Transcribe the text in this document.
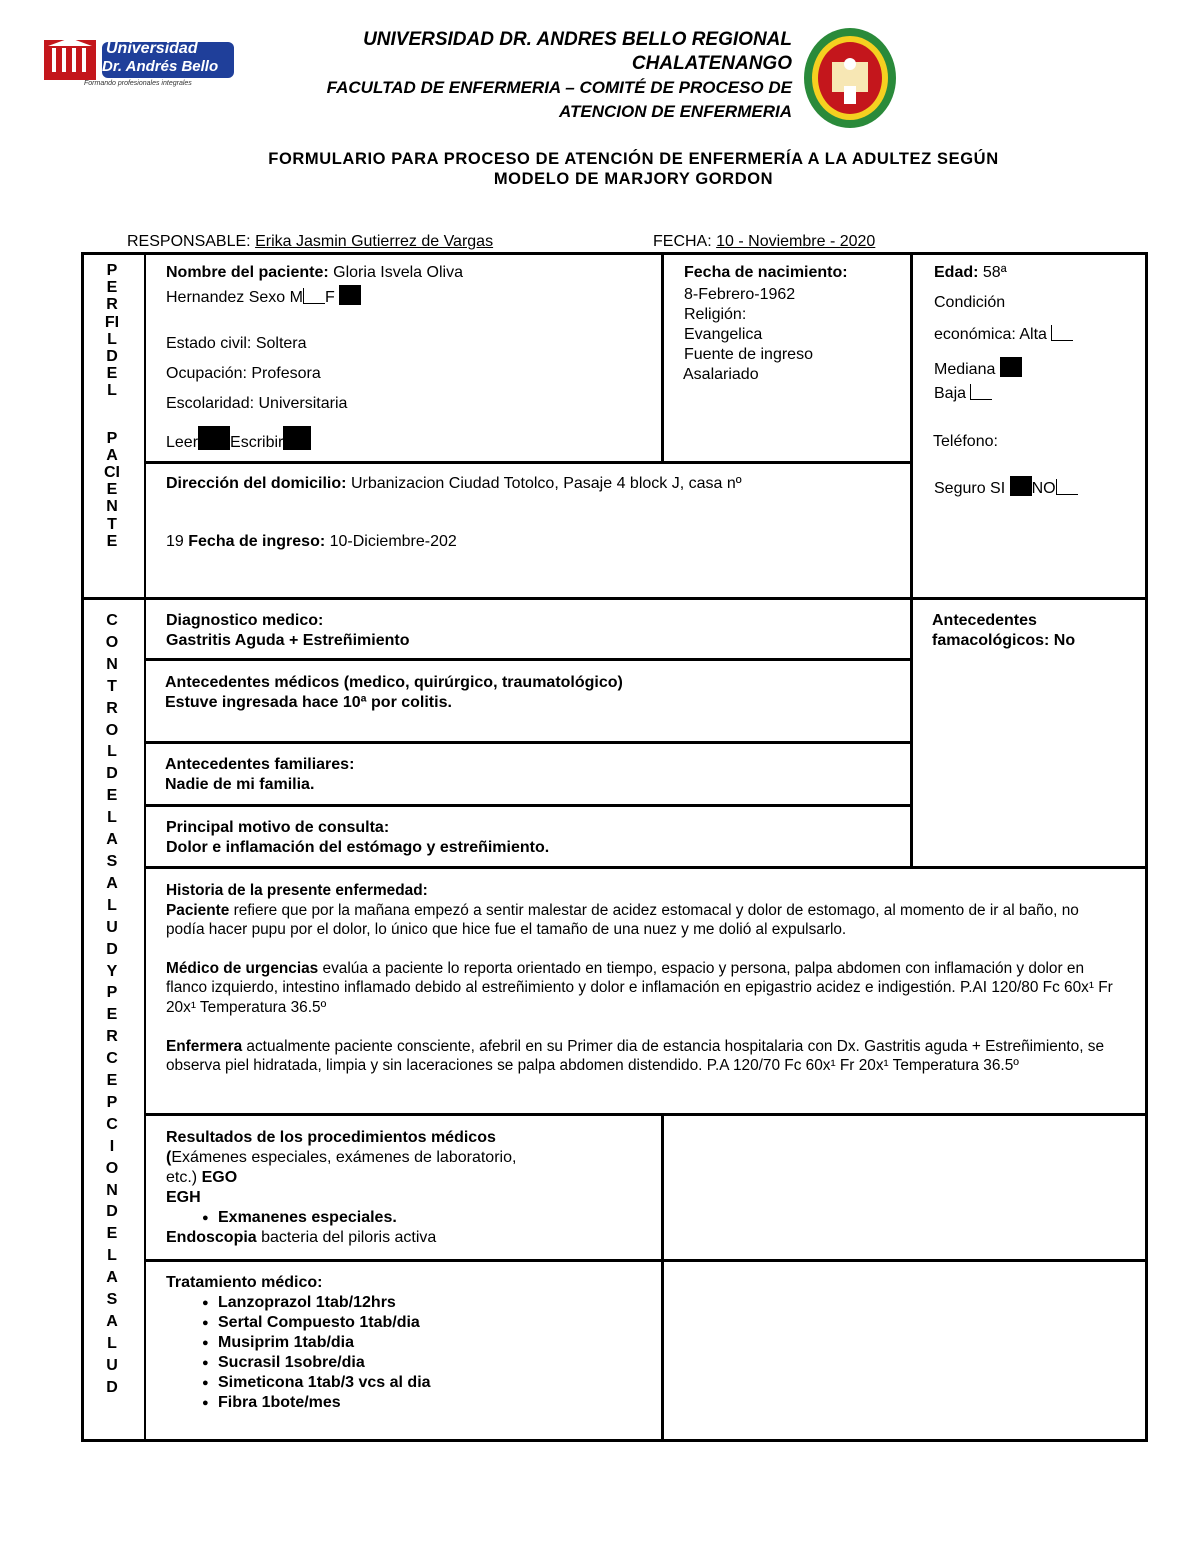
Universidad
Dr. Andrés Bello
Formando profesionales integrales
UNIVERSIDAD DR. ANDRES BELLO REGIONAL
CHALATENANGO
FACULTAD DE ENFERMERIA – COMITÉ DE PROCESO DE
ATENCION DE ENFERMERIA
FORMULARIO PARA PROCESO DE ATENCIÓN DE ENFERMERÍA A LA ADULTEZ SEGÚN
MODELO DE MARJORY GORDON
RESPONSABLE: Erika Jasmin Gutierrez de Vargas	FECHA: 10 - Noviembre - 2020
P
E
R
FI
L
D
E
L
P
A
CI
E
N
T
E
C
O
N
T
R
O
L
D
E
L
A
S
A
L
U
D
Y
P
E
R
C
E
P
C
I
O
N
D
E
L
A
S
A
L
U
D
Nombre del paciente: Gloria Isvela Oliva
Hernandez Sexo M F
Estado civil: Soltera
Ocupación: Profesora
Escolaridad: Universitaria
Leer Escribir
Fecha de nacimiento:
8-Febrero-1962
Religión:
Evangelica
Fuente de ingreso
Asalariado
Edad: 58ª
Condición
económica: Alta
Mediana
Baja
Teléfono:
Seguro SI NO
Dirección del domicilio: Urbanizacion Ciudad Totolco, Pasaje 4 block J, casa nº
19 Fecha de ingreso: 10-Diciembre-202
Diagnostico medico:
Gastritis Aguda + Estreñimiento
Antecedentes
famacológicos: No
Antecedentes médicos (medico, quirúrgico, traumatológico)
Estuve ingresada hace 10ª por colitis.
Antecedentes familiares:
Nadie de mi familia.
Principal motivo de consulta:
Dolor e inflamación del estómago y estreñimiento.
Historia de la presente enfermedad:
Paciente refiere que por la mañana empezó a sentir malestar de acidez estomacal y dolor de estomago, al momento de ir al baño, no podía hacer pupu por el dolor, lo único que hice fue el tamaño de una nuez y me dolió al expulsarlo.
Médico de urgencias evalúa a paciente lo reporta orientado en tiempo, espacio y persona, palpa abdomen con inflamación y dolor en flanco izquierdo, intestino inflamado debido al estreñimiento y dolor e inflamación en epigastrio acidez e indigestión. P.AI 120/80 Fc 60x¹ Fr 20x¹ Temperatura 36.5º
Enfermera actualmente paciente consciente, afebril en su Primer dia de estancia hospitalaria con Dx. Gastritis aguda + Estreñimiento, se observa piel hidratada, limpia y sin laceraciones se palpa abdomen distendido. P.A 120/70 Fc 60x¹ Fr 20x¹ Temperatura 36.5º
Resultados de los procedimientos médicos
(Exámenes especiales, exámenes de laboratorio,
etc.) EGO
EGH
● Exmanenes especiales.
Endoscopia bacteria del piloris activa
Tratamiento médico:
● Lanzoprazol 1tab/12hrs
● Sertal Compuesto 1tab/dia
● Musiprim 1tab/dia
● Sucrasil 1sobre/dia
● Simeticona 1tab/3 vcs al dia
● Fibra 1bote/mes
